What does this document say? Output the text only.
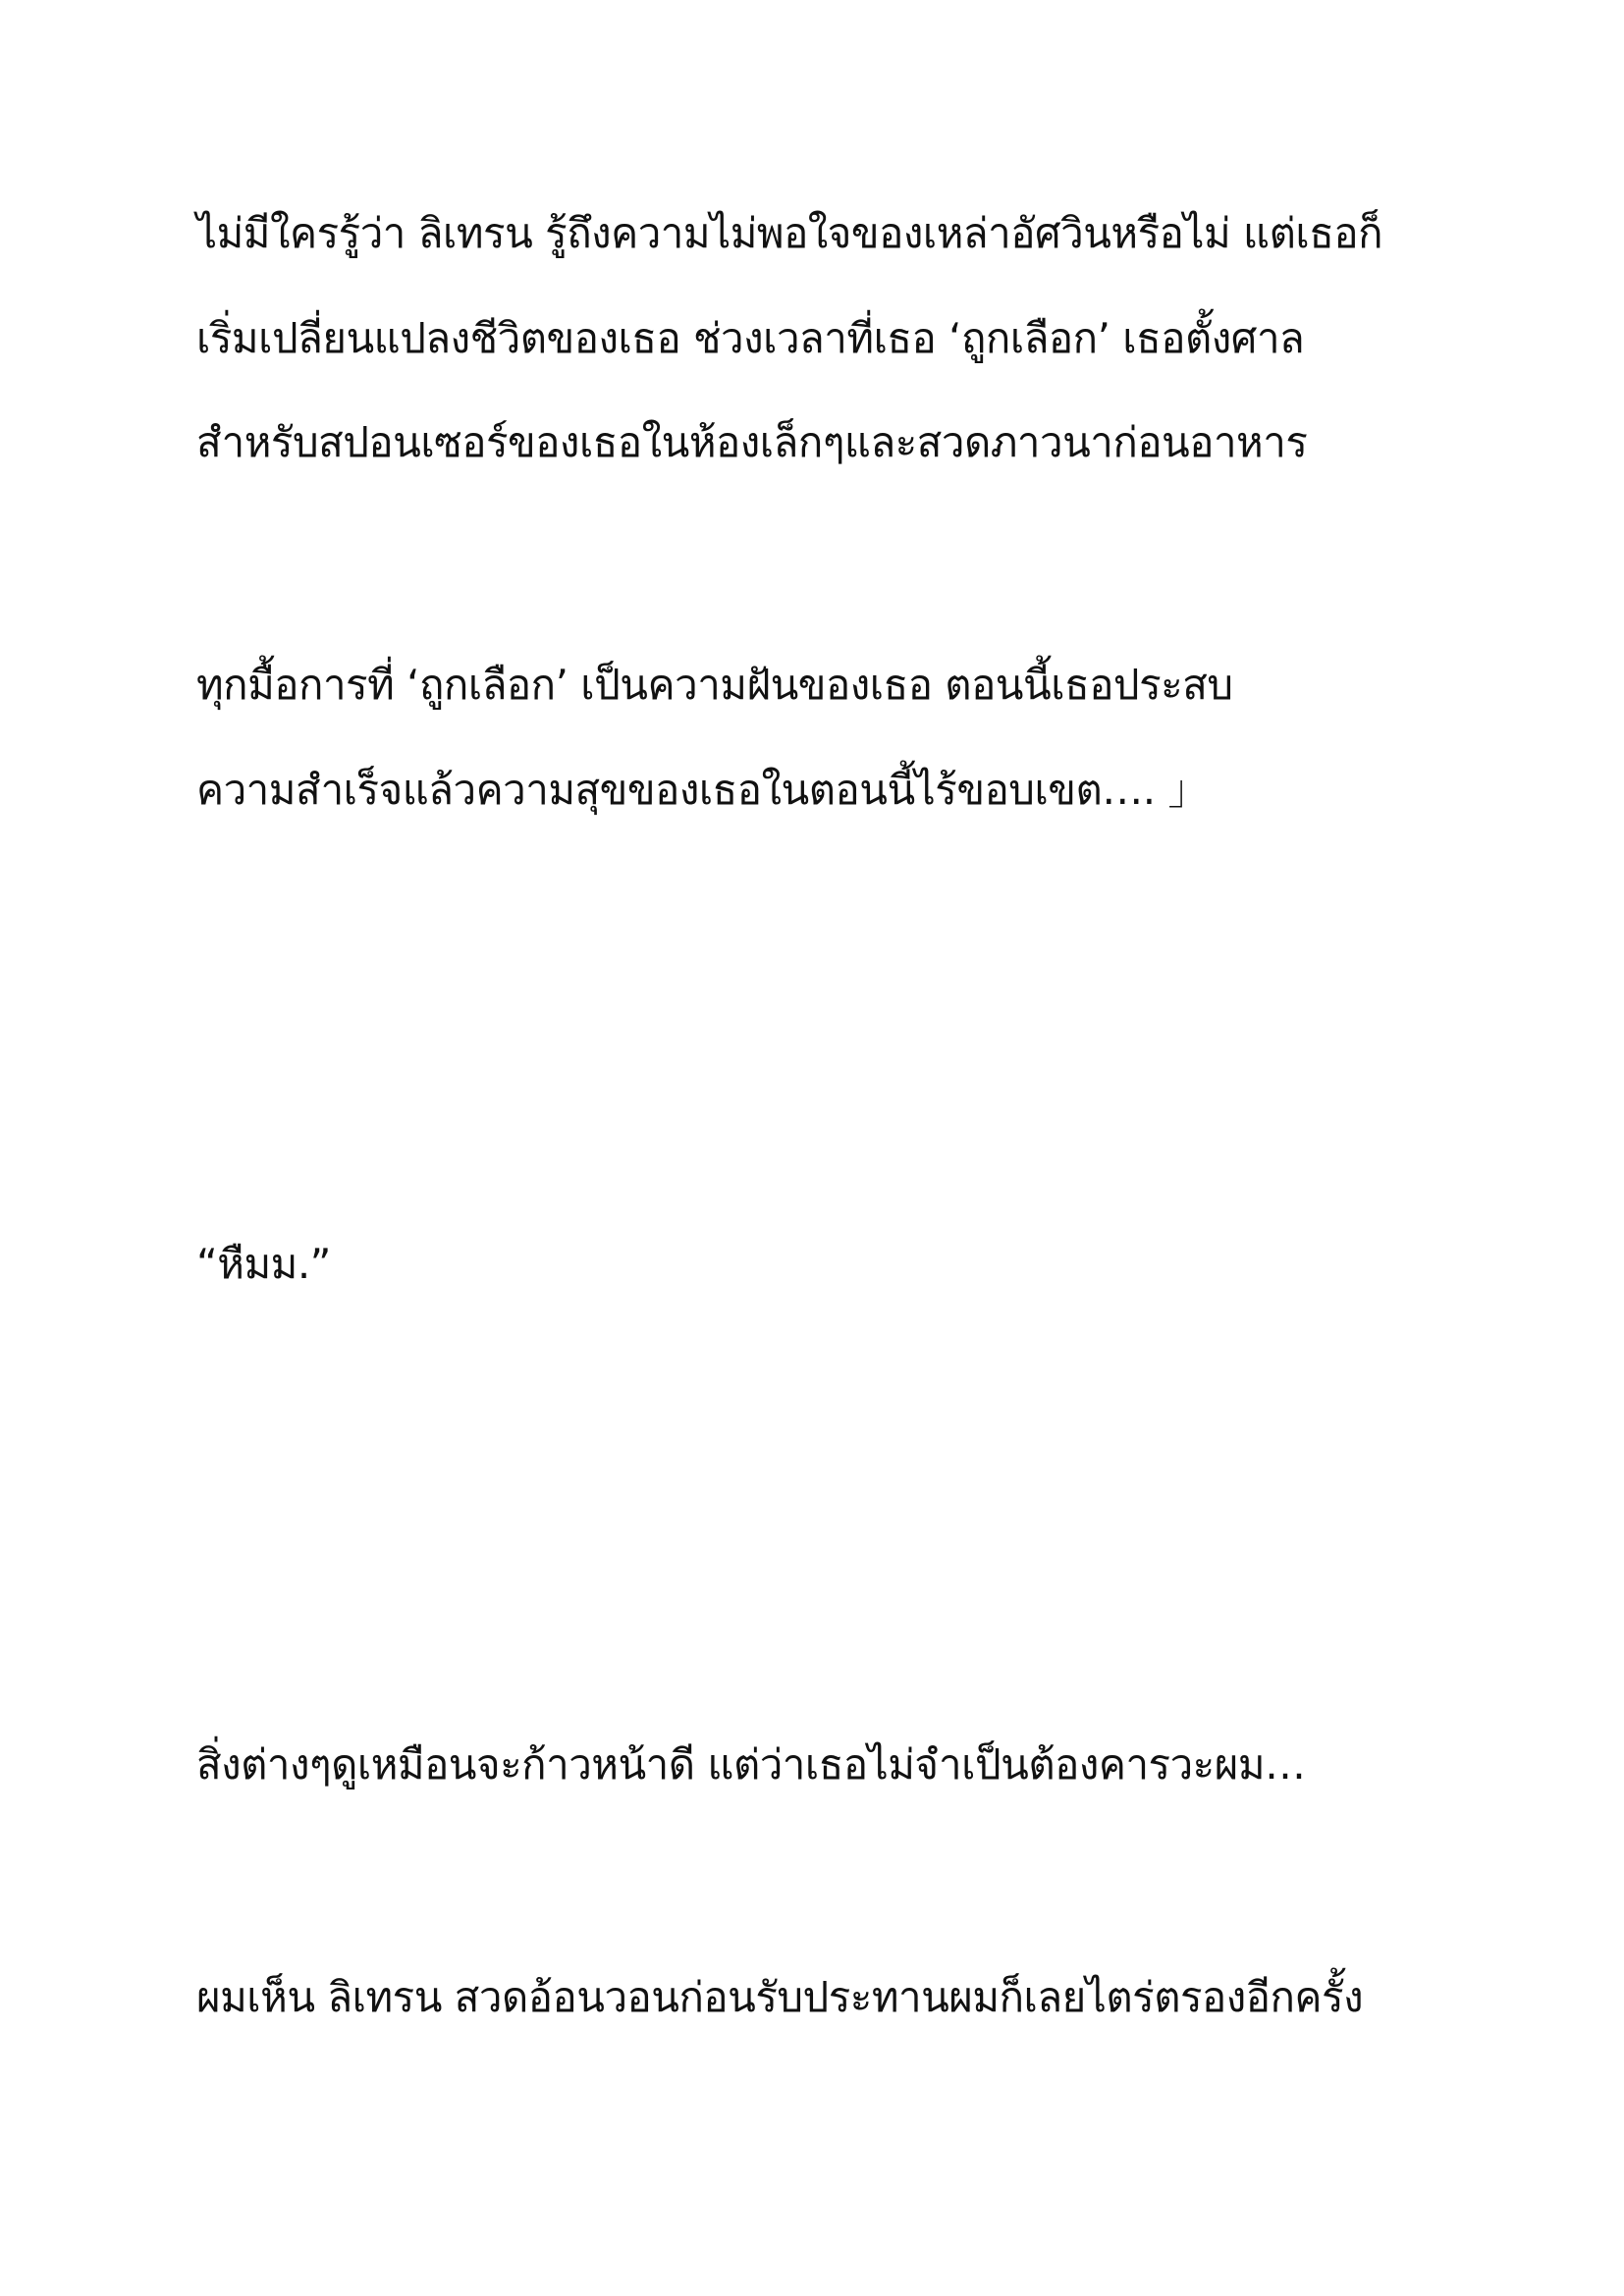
ไม่มีใครรู้ว่า ลิเทรน รู้ถึงความไม่พอใจของเหล่าอัศวินหรือไม่ แต่เธอก็

เริ่มเปลี่ยนแปลงชีวิตของเธอ ช่วงเวลาที่เธอ ‘ถูกเลือก’ เธอตั้งศาล

สำหรับสปอนเซอร์ของเธอในห้องเล็กๆและสวดภาวนาก่อนอาหาร

ทุกมื้อการที่ ‘ถูกเลือก’ เป็นความฝันของเธอ ตอนนี้เธอประสบ

ความสำเร็จแล้วความสุขของเธอในตอนนี้ไร้ขอบเขต…. 」

“หืมม.”

สิ่งต่างๆดูเหมือนจะก้าวหน้าดี แต่ว่าเธอไม่จำเป็นต้องคารวะผม…

ผมเห็น ลิเทรน สวดอ้อนวอนก่อนรับประทานผมก็เลยไตร่ตรองอีกครั้ง
